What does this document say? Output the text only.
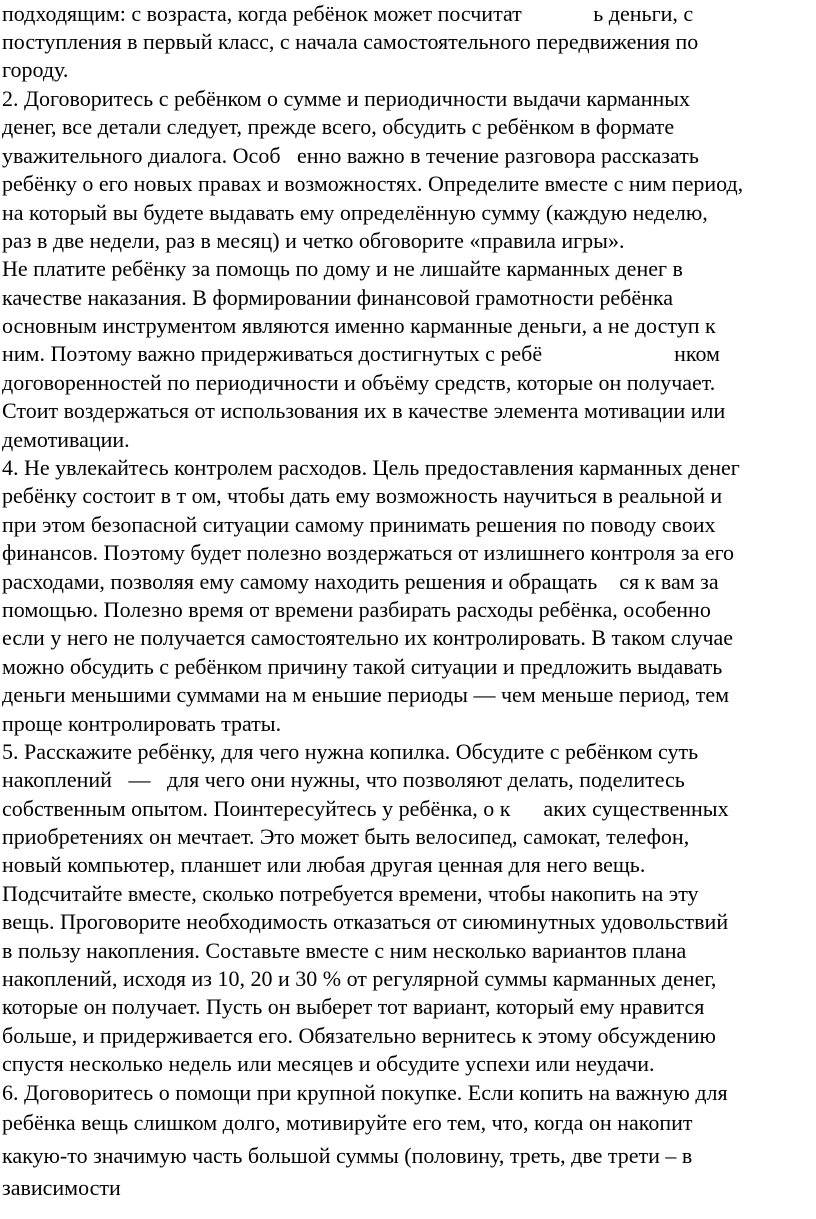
подходящим: с возраста, когда ребёнок может посчитат             ь деньги, с
поступления в первый класс, с начала самостоятельного передвижения по
городу.
2. Договоритесь с ребёнком о сумме и периодичности выдачи карманных
денег, все детали следует, прежде всего, обсудить с ребёнком в формате
уважительного диалога. Особ   енно важно в течение разговора рассказать
ребёнку о его новых правах и возможностях. Определите вместе с ним период,
на который вы будете выдавать ему определённую сумму (каждую неделю,
раз в две недели, раз в месяц) и четко обговорите «правила игры».
Не платите ребёнку за помощь по дому и не лишайте карманных денег в
качестве наказания. В формировании финансовой грамотности ребёнка
основным инструментом являются именно карманные деньги, а не доступ к
ним. Поэтому важно придерживаться достигнутых с ребё                        нком
договоренностей по периодичности и объёму средств, которые он получает.
Стоит воздержаться от использования их в качестве элемента мотивации или
демотивации.
4. Не увлекайтесь контролем расходов. Цель предоставления карманных денег
ребёнку состоит в т ом, чтобы дать ему возможность научиться в реальной и
при этом безопасной ситуации самому принимать решения по поводу своих
финансов. Поэтому будет полезно воздержаться от излишнего контроля за его
расходами, позволяя ему самому находить решения и обращать    ся к вам за
помощью. Полезно время от времени разбирать расходы ребёнка, особенно
если у него не получается самостоятельно их контролировать. В таком случае
можно обсудить с ребёнком причину такой ситуации и предложить выдавать
деньги меньшими суммами на м еньшие периоды — чем меньше период, тем
проще контролировать траты.
5. Расскажите ребёнку, для чего нужна копилка. Обсудите с ребёнком суть
накоплений   —   для чего они нужны, что позволяют делать, поделитесь
собственным опытом. Поинтересуйтесь у ребёнка, о к      аких существенных
приобретениях он мечтает. Это может быть велосипед, самокат, телефон,
новый компьютер, планшет или любая другая ценная для него вещь.
Подсчитайте вместе, сколько потребуется времени, чтобы накопить на эту
вещь. Проговорите необходимость отказаться от сиюминутных удовольствий
в пользу накопления. Составьте вместе с ним несколько вариантов плана
накоплений, исходя из 10, 20 и 30 % от регулярной суммы карманных денег,
которые он получает. Пусть он выберет тот вариант, который ему нравится
больше, и придерживается его. Обязательно вернитесь к этому обсуждению
спустя несколько недель или месяцев и обсудите успехи или неудачи.
6. Договоритесь о помощи при крупной покупке. Если копить на важную для
ребёнка вещь слишком долго, мотивируйте его тем, что, когда он накопит
какую-то значимую часть большой суммы (половину, треть, две трети – в
зависимости
